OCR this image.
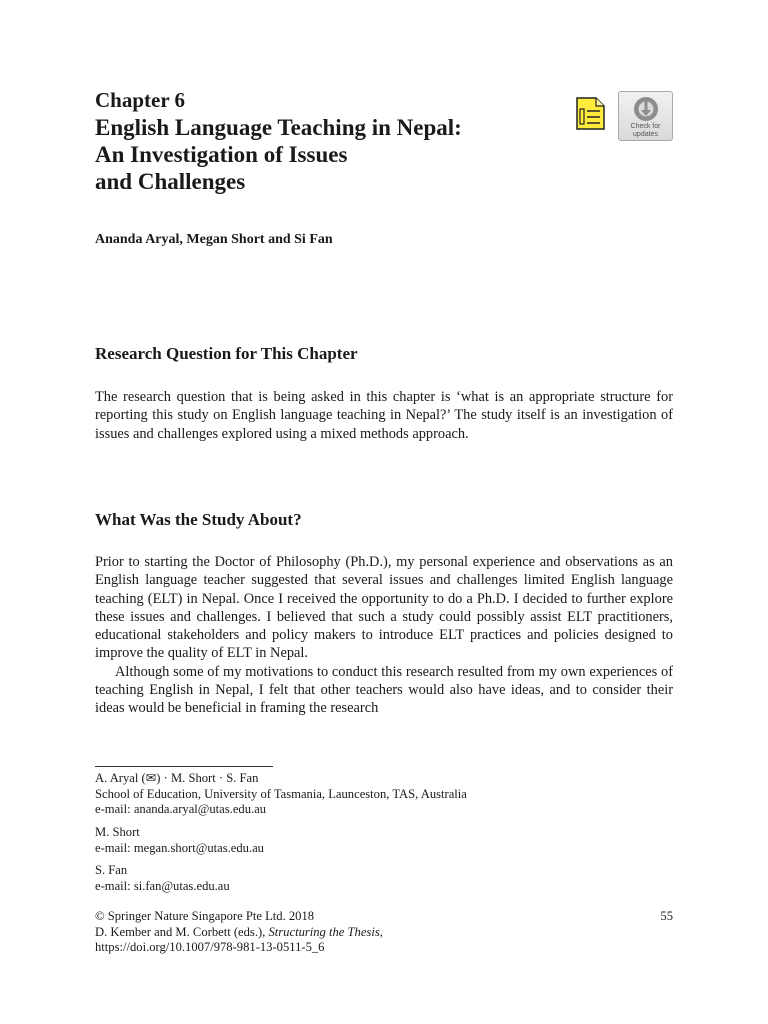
Chapter 6
English Language Teaching in Nepal:
An Investigation of Issues
and Challenges
Check for
updates
Ananda Aryal, Megan Short and Si Fan
Research Question for This Chapter

The research question that is being asked in this chapter is ‘what is an appropriate structure for reporting this study on English language teaching in Nepal?’ The study itself is an investigation of issues and challenges explored using a mixed methods approach.

What Was the Study About?

Prior to starting the Doctor of Philosophy (Ph.D.), my personal experience and observations as an English language teacher suggested that several issues and challenges limited English language teaching (ELT) in Nepal. Once I received the opportunity to do a Ph.D. I decided to further explore these issues and challenges. I believed that such a study could possibly assist ELT practitioners, educational stakeholders and policy makers to introduce ELT practices and policies designed to improve the quality of ELT in Nepal.

Although some of my motivations to conduct this research resulted from my own experiences of teaching English in Nepal, I felt that other teachers would also have ideas, and to consider their ideas would be beneficial in framing the research

A. Aryal (✉) · M. Short · S. Fan
School of Education, University of Tasmania, Launceston, TAS, Australia
e-mail: ananda.aryal@utas.edu.au
M. Short
e-mail: megan.short@utas.edu.au
S. Fan
e-mail: si.fan@utas.edu.au
© Springer Nature Singapore Pte Ltd. 2018	55
D. Kember and M. Corbett (eds.), Structuring the Thesis,
https://doi.org/10.1007/978-981-13-0511-5_6
